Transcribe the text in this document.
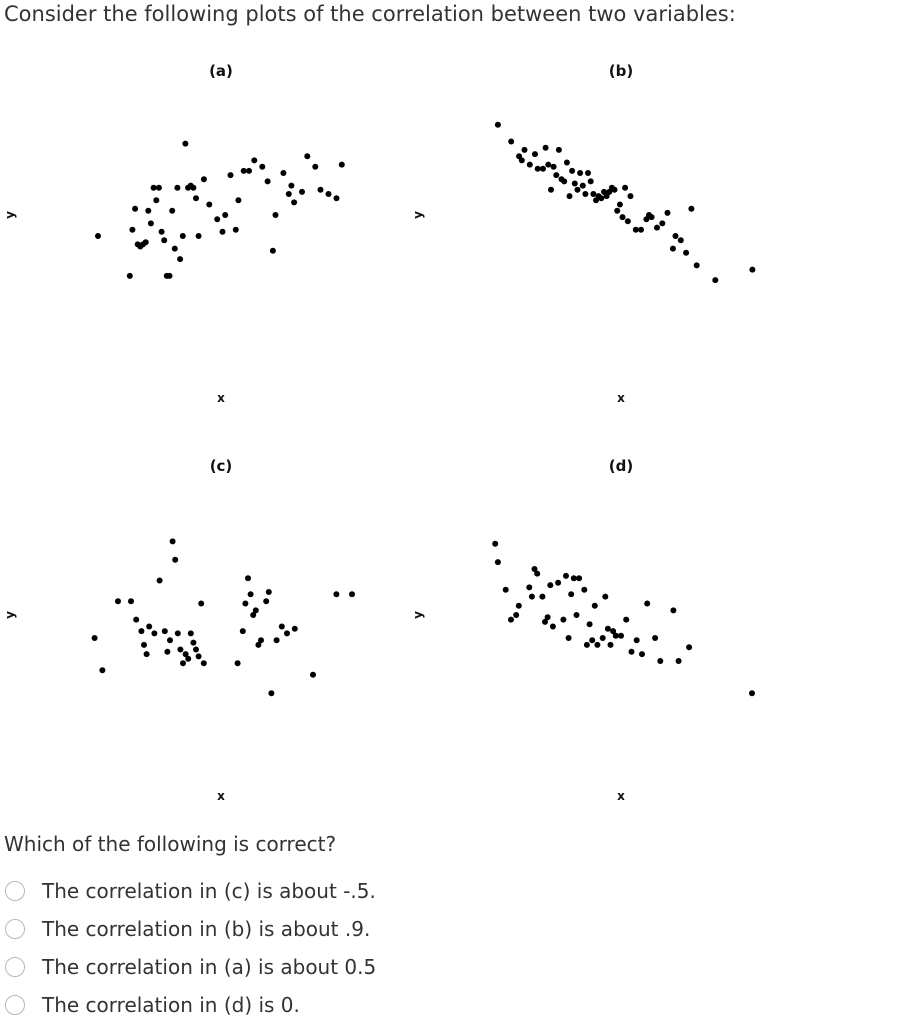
Consider the following plots of the correlation between two variables:
(a)
x
y
(b)
x
y
(c)
x
y
(d)
x
y
Which of the following is correct?
The correlation in (c) is about -.5.
The correlation in (b) is about .9.
The correlation in (a) is about 0.5
The correlation in (d) is 0.
